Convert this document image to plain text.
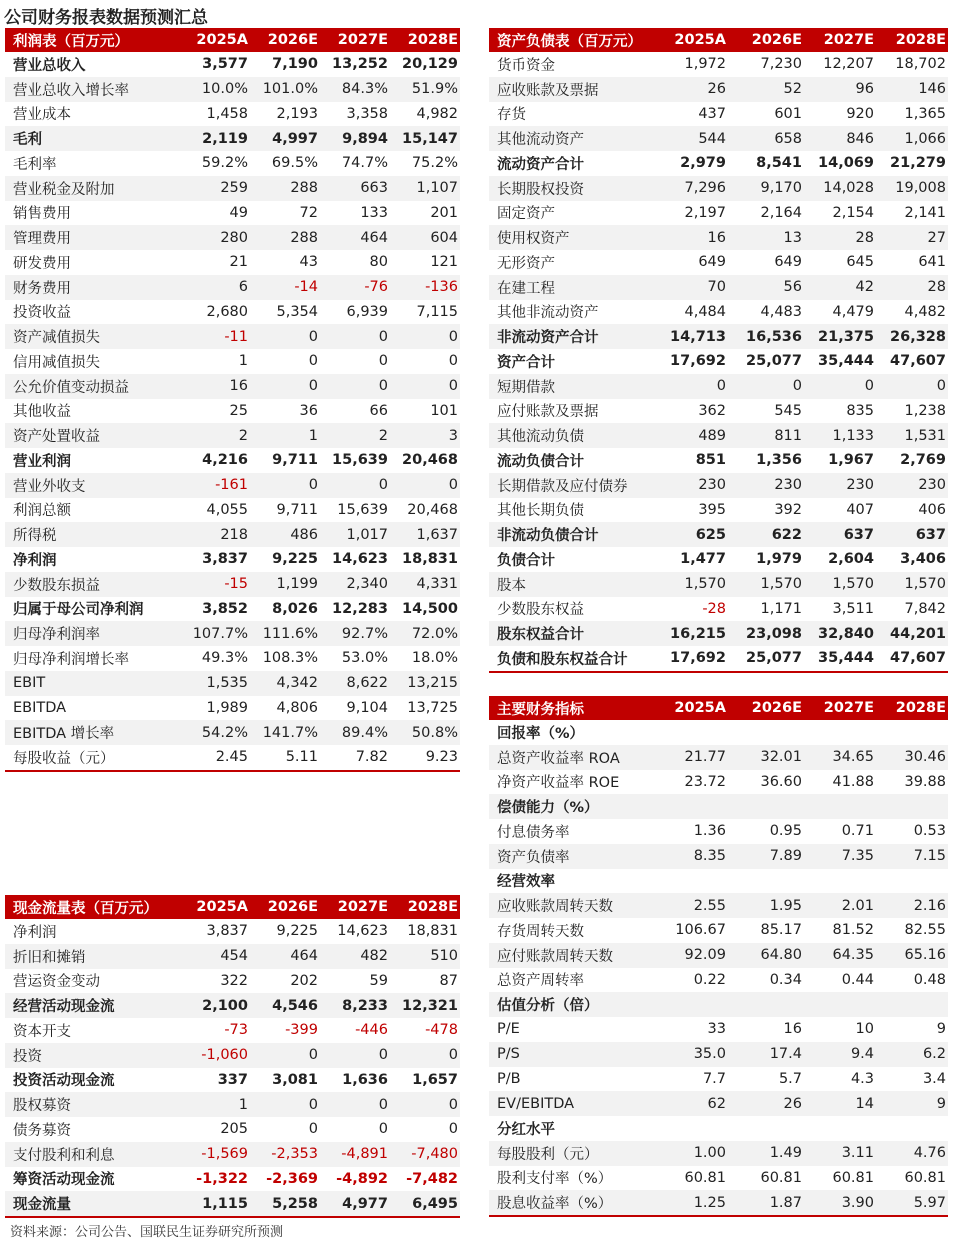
公司财务报表数据预测汇总
利润表（百万元）	2025A	2026E	2027E	2028E
营业总收入	3,577	7,190	13,252	20,129
营业总收入增长率	10.0%	101.0%	84.3%	51.9%
营业成本	1,458	2,193	3,358	4,982
毛利	2,119	4,997	9,894	15,147
毛利率	59.2%	69.5%	74.7%	75.2%
营业税金及附加	259	288	663	1,107
销售费用	49	72	133	201
管理费用	280	288	464	604
研发费用	21	43	80	121
财务费用	6	-14	-76	-136
投资收益	2,680	5,354	6,939	7,115
资产减值损失	-11	0	0	0
信用减值损失	1	0	0	0
公允价值变动损益	16	0	0	0
其他收益	25	36	66	101
资产处置收益	2	1	2	3
营业利润	4,216	9,711	15,639	20,468
营业外收支	-161	0	0	0
利润总额	4,055	9,711	15,639	20,468
所得税	218	486	1,017	1,637
净利润	3,837	9,225	14,623	18,831
少数股东损益	-15	1,199	2,340	4,331
归属于母公司净利润	3,852	8,026	12,283	14,500
归母净利润率	107.7%	111.6%	92.7%	72.0%
归母净利润增长率	49.3%	108.3%	53.0%	18.0%
EBIT	1,535	4,342	8,622	13,215
EBITDA	1,989	4,806	9,104	13,725
EBITDA 增长率	54.2%	141.7%	89.4%	50.8%
每股收益（元）	2.45	5.11	7.82	9.23
资产负债表（百万元）	2025A	2026E	2027E	2028E
货币资金	1,972	7,230	12,207	18,702
应收账款及票据	26	52	96	146
存货	437	601	920	1,365
其他流动资产	544	658	846	1,066
流动资产合计	2,979	8,541	14,069	21,279
长期股权投资	7,296	9,170	14,028	19,008
固定资产	2,197	2,164	2,154	2,141
使用权资产	16	13	28	27
无形资产	649	649	645	641
在建工程	70	56	42	28
其他非流动资产	4,484	4,483	4,479	4,482
非流动资产合计	14,713	16,536	21,375	26,328
资产合计	17,692	25,077	35,444	47,607
短期借款	0	0	0	0
应付账款及票据	362	545	835	1,238
其他流动负债	489	811	1,133	1,531
流动负债合计	851	1,356	1,967	2,769
长期借款及应付债券	230	230	230	230
其他长期负债	395	392	407	406
非流动负债合计	625	622	637	637
负债合计	1,477	1,979	2,604	3,406
股本	1,570	1,570	1,570	1,570
少数股东权益	-28	1,171	3,511	7,842
股东权益合计	16,215	23,098	32,840	44,201
负债和股东权益合计	17,692	25,077	35,444	47,607
主要财务指标	2025A	2026E	2027E	2028E
回报率（%）				
总资产收益率 ROA	21.77	32.01	34.65	30.46
净资产收益率 ROE	23.72	36.60	41.88	39.88
偿债能力（%）				
付息债务率	1.36	0.95	0.71	0.53
资产负债率	8.35	7.89	7.35	7.15
经营效率				
应收账款周转天数	2.55	1.95	2.01	2.16
存货周转天数	106.67	85.17	81.52	82.55
应付账款周转天数	92.09	64.80	64.35	65.16
总资产周转率	0.22	0.34	0.44	0.48
估值分析（倍）				
P/E	33	16	10	9
P/S	35.0	17.4	9.4	6.2
P/B	7.7	5.7	4.3	3.4
EV/EBITDA	62	26	14	9
分红水平				
每股股利（元）	1.00	1.49	3.11	4.76
股利支付率（%）	60.81	60.81	60.81	60.81
股息收益率（%）	1.25	1.87	3.90	5.97
现金流量表（百万元）	2025A	2026E	2027E	2028E
净利润	3,837	9,225	14,623	18,831
折旧和摊销	454	464	482	510
营运资金变动	322	202	59	87
经营活动现金流	2,100	4,546	8,233	12,321
资本开支	-73	-399	-446	-478
投资	-1,060	0	0	0
投资活动现金流	337	3,081	1,636	1,657
股权募资	1	0	0	0
债务募资	205	0	0	0
支付股利和利息	-1,569	-2,353	-4,891	-7,480
筹资活动现金流	-1,322	-2,369	-4,892	-7,482
现金流量	1,115	5,258	4,977	6,495
资料来源：公司公告、国联民生证券研究所预测
